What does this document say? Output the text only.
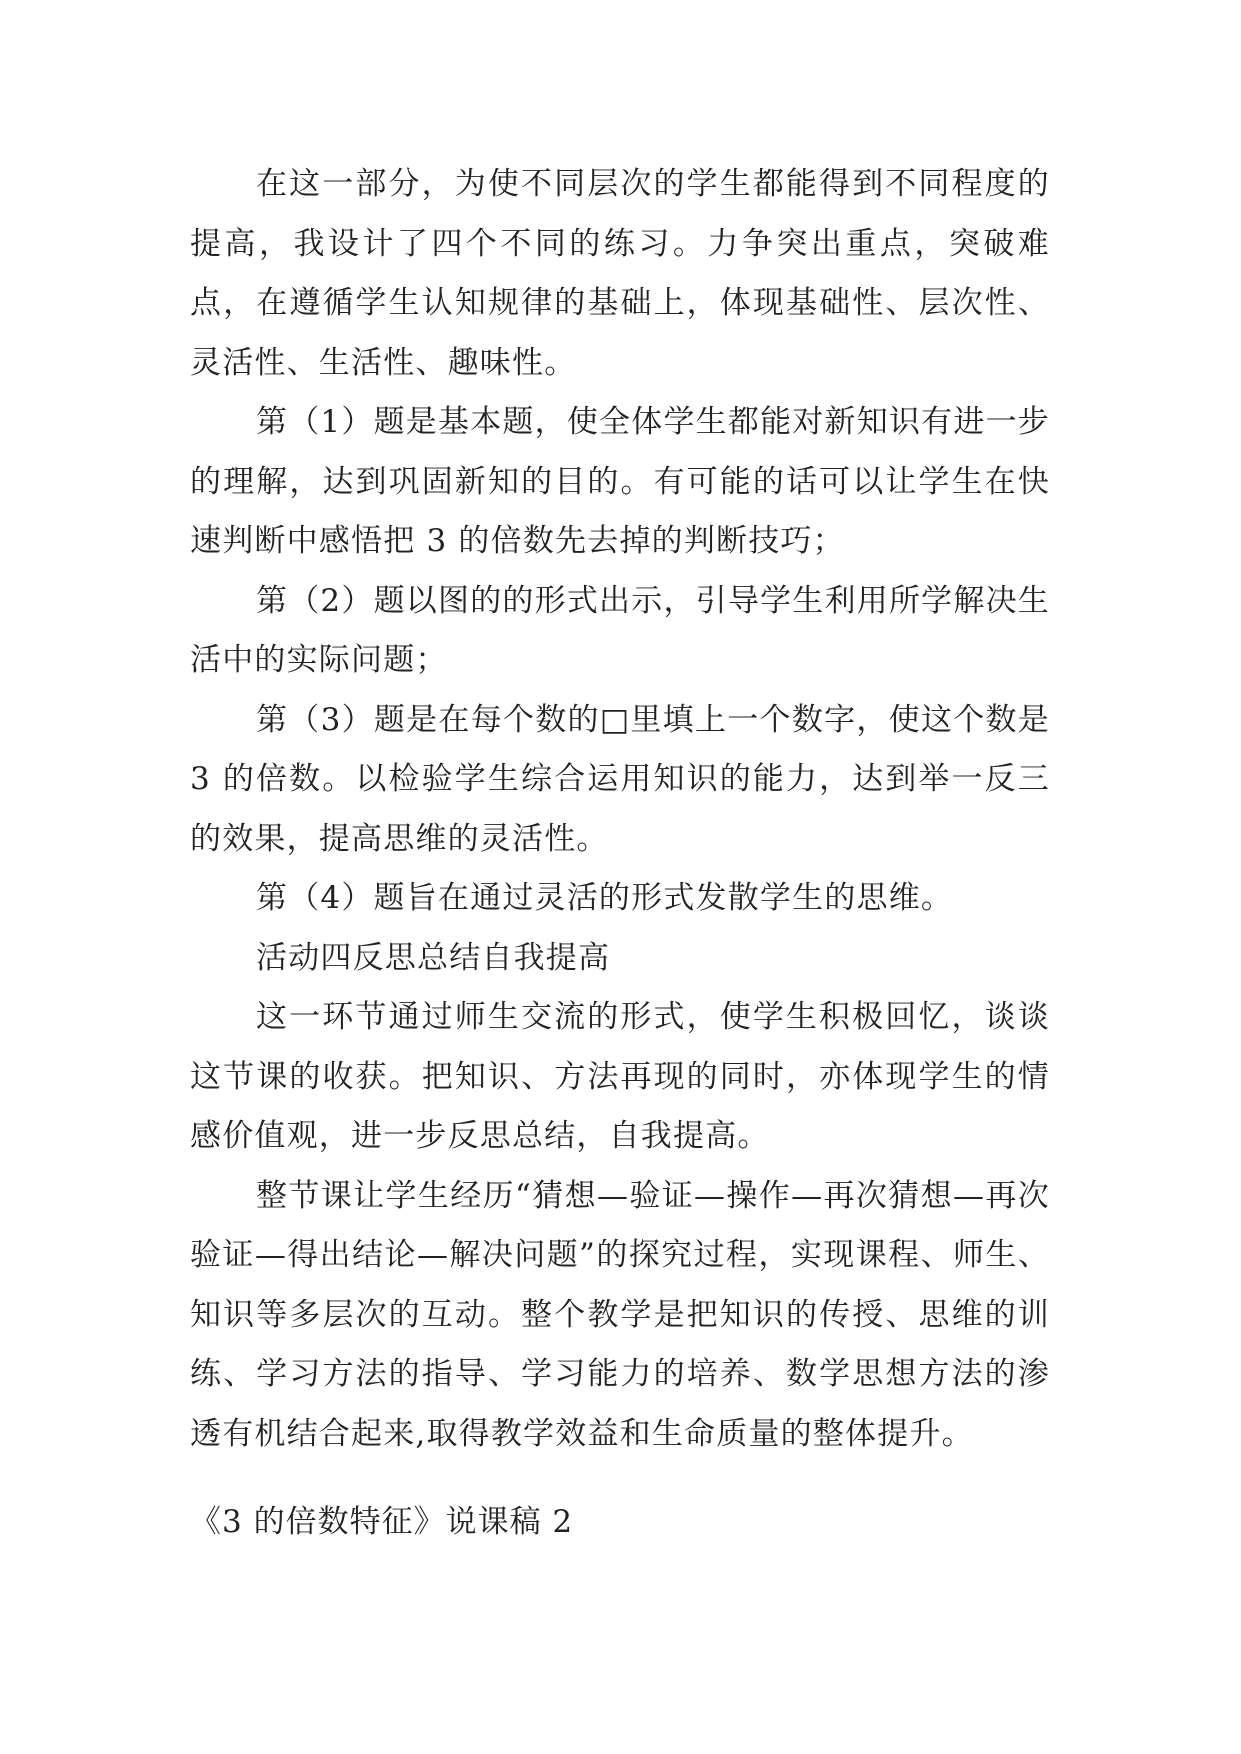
在这一部分，为使不同层次的学生都能得到不同程度的提高，我设计了四个不同的练习。力争突出重点，突破难点，在遵循学生认知规律的基础上，体现基础性、层次性、灵活性、生活性、趣味性。

第（1）题是基本题，使全体学生都能对新知识有进一步的理解，达到巩固新知的目的。有可能的话可以让学生在快速判断中感悟把 3 的倍数先去掉的判断技巧；

第（2）题以图的的形式出示，引导学生利用所学解决生活中的实际问题；

第（3）题是在每个数的□里填上一个数字，使这个数是 3 的倍数。以检验学生综合运用知识的能力，达到举一反三的效果，提高思维的灵活性。

第（4）题旨在通过灵活的形式发散学生的思维。

活动四反思总结自我提高

这一环节通过师生交流的形式，使学生积极回忆，谈谈这节课的收获。把知识、方法再现的同时，亦体现学生的情感价值观，进一步反思总结，自我提高。

整节课让学生经历“猜想—验证—操作—再次猜想—再次验证—得出结论—解决问题”的探究过程，实现课程、师生、知识等多层次的互动。整个教学是把知识的传授、思维的训练、学习方法的指导、学习能力的培养、数学思想方法的渗透有机结合起来,取得教学效益和生命质量的整体提升。

《3 的倍数特征》说课稿 2
